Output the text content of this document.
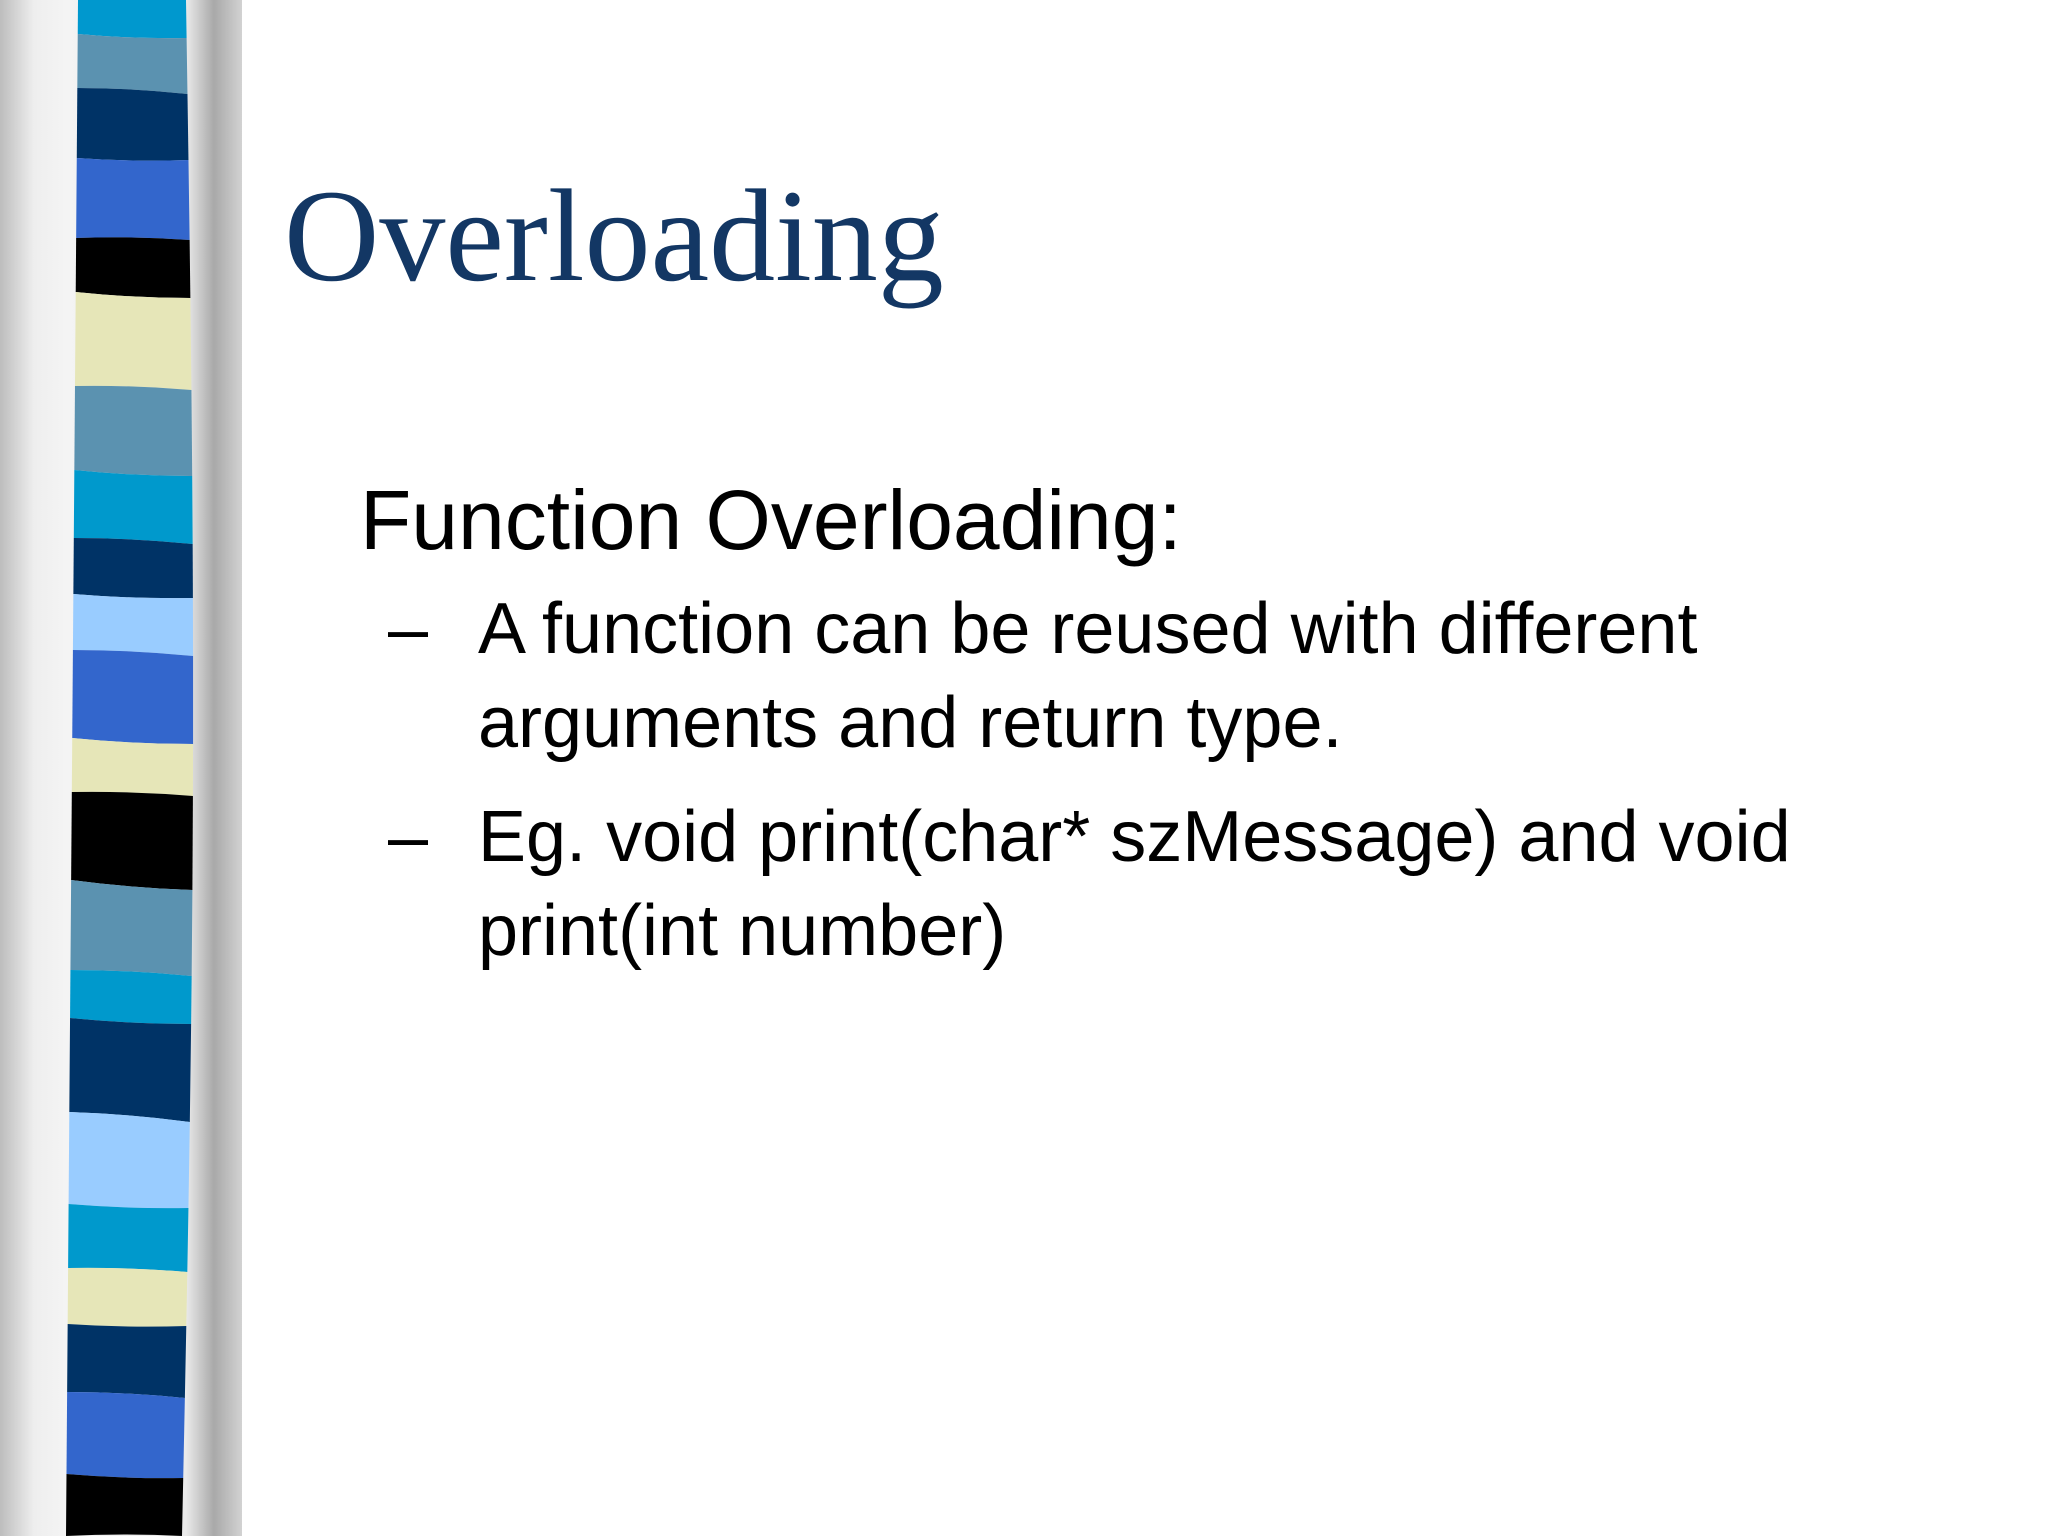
Overloading

Function Overloading:

– A function can be reused with different arguments and return type.
– Eg. void print(char* szMessage) and void print(int number)
